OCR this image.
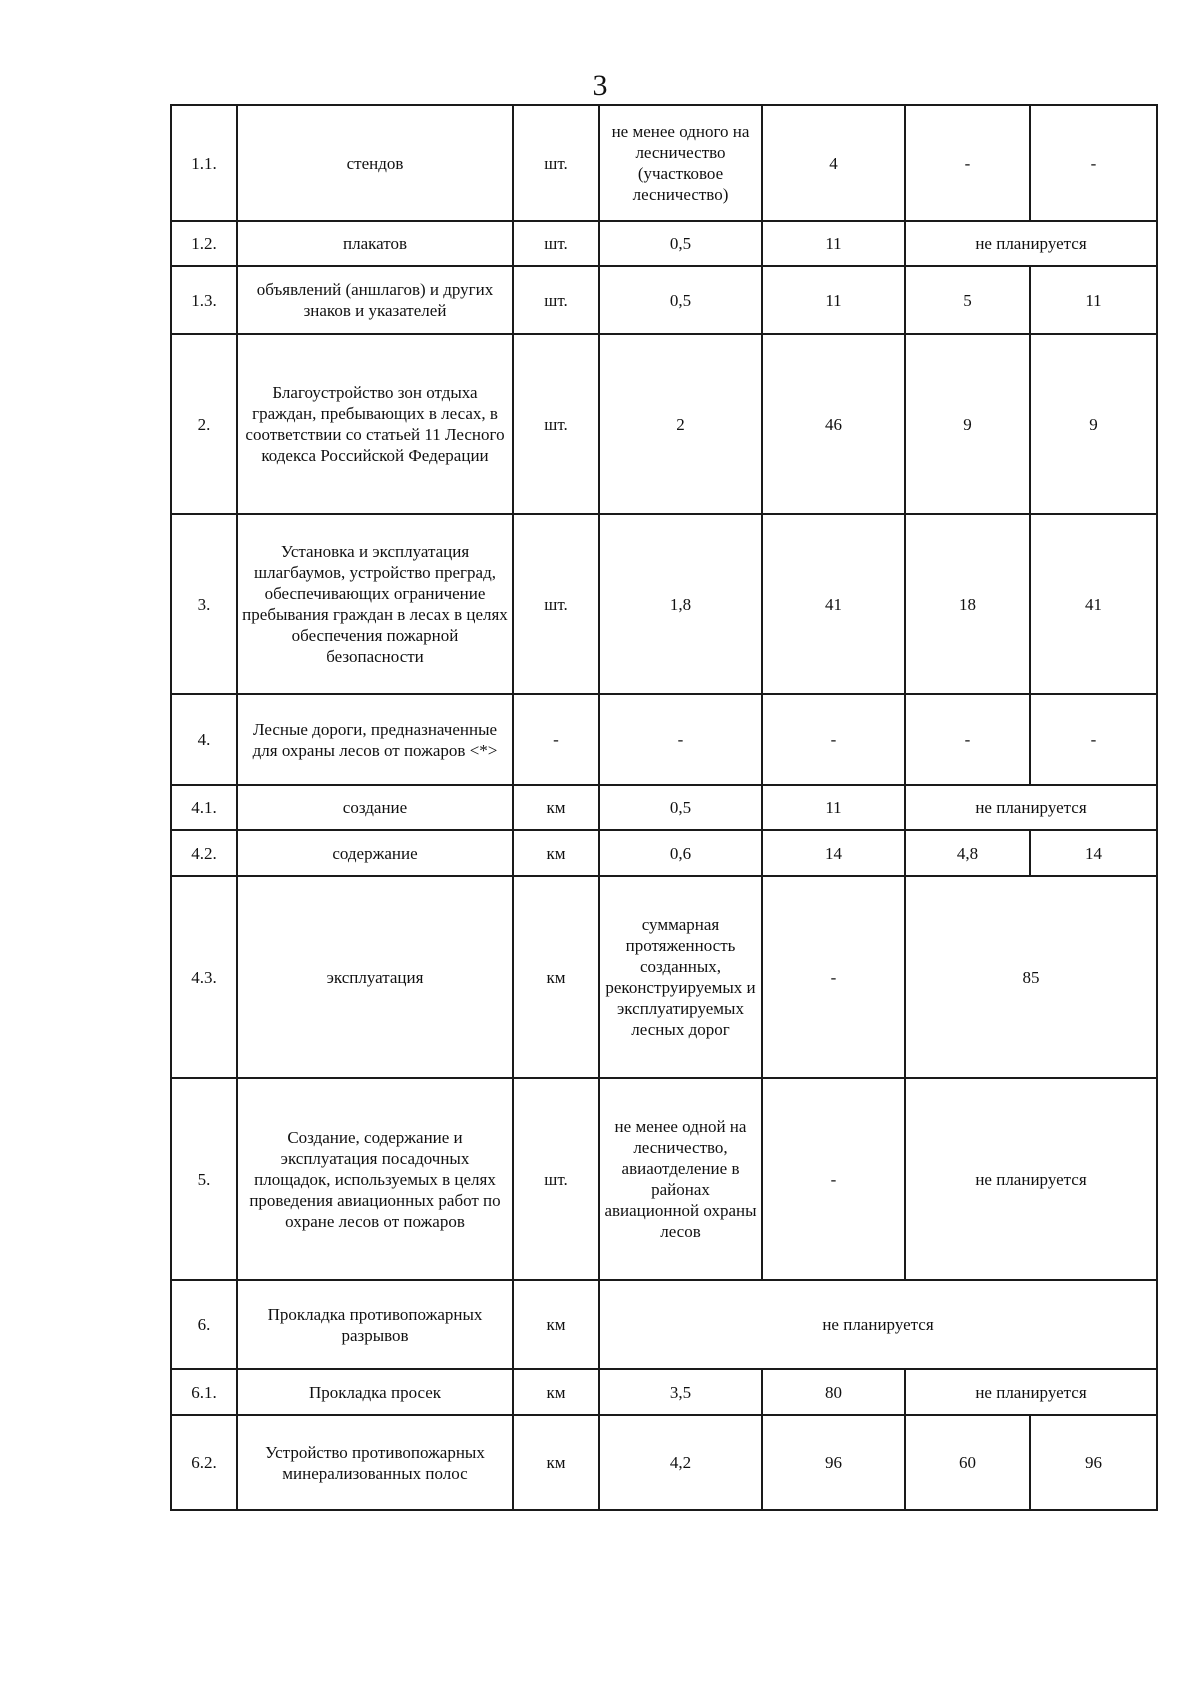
3
1.1.	стендов	шт.	не менее одного на лесничество (участковое лесничество)	4	-	-
1.2.	плакатов	шт.	0,5	11	не планируется	
1.3.	объявлений (аншлагов) и других знаков и указателей	шт.	0,5	11	5	11
2.	Благоустройство зон отдыха граждан, пребывающих в лесах, в соответствии со статьей 11 Лесного кодекса Российской Федерации	шт.	2	46	9	9
3.	Установка и эксплуатация шлагбаумов, устройство преград, обеспечивающих ограничение пребывания граждан в лесах в целях обеспечения пожарной безопасности	шт.	1,8	41	18	41
4.	Лесные дороги, предназначенные для охраны лесов от пожаров <*>	-	-	-	-	-
4.1.	создание	км	0,5	11	не планируется	
4.2.	содержание	км	0,6	14	4,8	14
4.3.	эксплуатация	км	суммарная протяженность созданных, реконструируемых и эксплуатируемых лесных дорог	-	85	
5.	Создание, содержание и эксплуатация посадочных площадок, используемых в целях проведения авиационных работ по охране лесов от пожаров	шт.	не менее одной на лесничество, авиаотделение в районах авиационной охраны лесов	-	не планируется	
6.	Прокладка противопожарных разрывов	км	не планируется			
6.1.	Прокладка просек	км	3,5	80	не планируется	
6.2.	Устройство противопожарных минерализованных полос	км	4,2	96	60	96
